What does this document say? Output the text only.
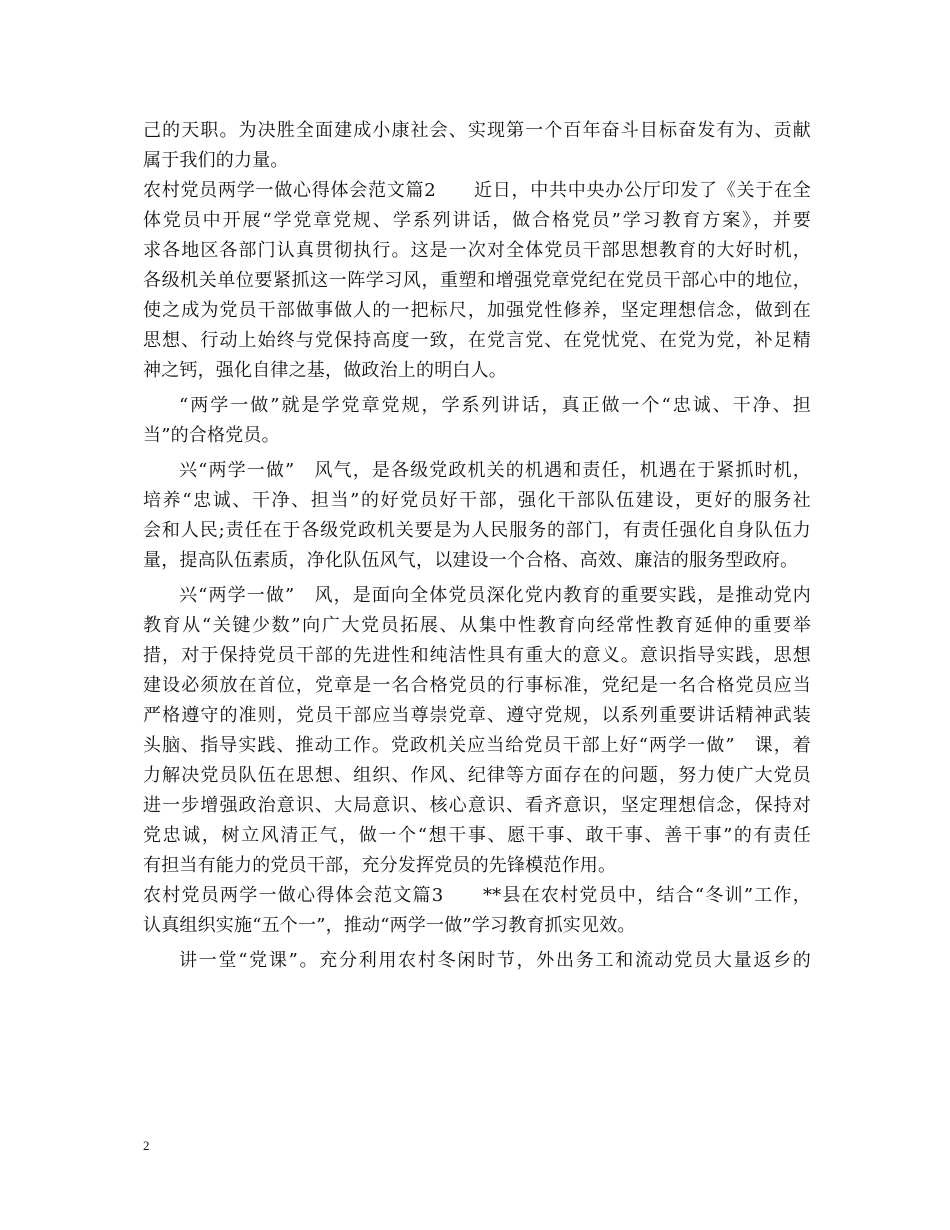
己的天职。为决胜全面建成小康社会、实现第一个百年奋斗目标奋发有为、贡献
属于我们的力量。
农村党员两学一做心得体会范文篇2　　近日，中共中央办公厅印发了《关于在全
体党员中开展“学党章党规、学系列讲话，做合格党员”学习教育方案》，并要
求各地区各部门认真贯彻执行。这是一次对全体党员干部思想教育的大好时机，
各级机关单位要紧抓这一阵学习风，重塑和增强党章党纪在党员干部心中的地位，
使之成为党员干部做事做人的一把标尺，加强党性修养，坚定理想信念，做到在
思想、行动上始终与党保持高度一致，在党言党、在党忧党、在党为党，补足精
神之钙，强化自律之基，做政治上的明白人。
“两学一做”就是学党章党规，学系列讲话，真正做一个“忠诚、干净、担
当”的合格党员。
兴“两学一做”　风气，是各级党政机关的机遇和责任，机遇在于紧抓时机，
培养“忠诚、干净、担当”的好党员好干部，强化干部队伍建设，更好的服务社
会和人民;责任在于各级党政机关要是为人民服务的部门，有责任强化自身队伍力
量，提高队伍素质，净化队伍风气，以建设一个合格、高效、廉洁的服务型政府。
兴“两学一做”　风，是面向全体党员深化党内教育的重要实践，是推动党内
教育从“关键少数”向广大党员拓展、从集中性教育向经常性教育延伸的重要举
措，对于保持党员干部的先进性和纯洁性具有重大的意义。意识指导实践，思想
建设必须放在首位，党章是一名合格党员的行事标准，党纪是一名合格党员应当
严格遵守的准则，党员干部应当尊崇党章、遵守党规，以系列重要讲话精神武装
头脑、指导实践、推动工作。党政机关应当给党员干部上好“两学一做”　课，着
力解决党员队伍在思想、组织、作风、纪律等方面存在的问题，努力使广大党员
进一步增强政治意识、大局意识、核心意识、看齐意识，坚定理想信念，保持对
党忠诚，树立风清正气，做一个“想干事、愿干事、敢干事、善干事”的有责任
有担当有能力的党员干部，充分发挥党员的先锋模范作用。
农村党员两学一做心得体会范文篇3　　**县在农村党员中，结合“冬训”工作，
认真组织实施“五个一”，推动“两学一做”学习教育抓实见效。
讲一堂“党课”。充分利用农村冬闲时节，外出务工和流动党员大量返乡的
2
